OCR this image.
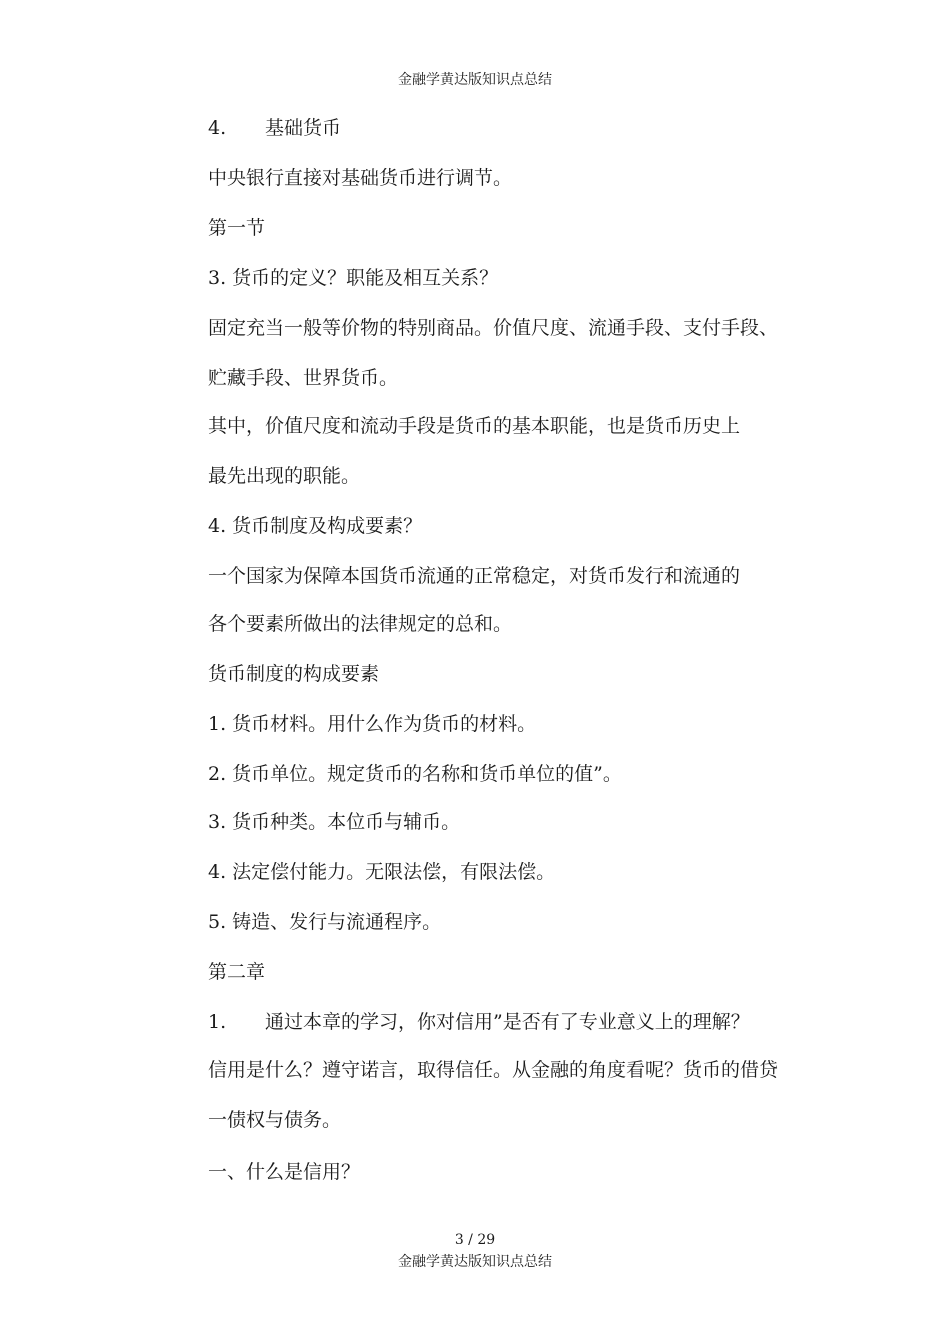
金融学黄达版知识点总结

4. 基础货币

中央银行直接对基础货币进行调节。

第一节

3. 货币的定义？职能及相互关系？

固定充当一般等价物的特别商品。价值尺度、流通手段、支付手段、

贮藏手段、世界货币。

其中，价值尺度和流动手段是货币的基本职能，也是货币历史上

最先出现的职能。

4. 货币制度及构成要素？

一个国家为保障本国货币流通的正常稳定，对货币发行和流通的

各个要素所做出的法律规定的总和。

货币制度的构成要素

1. 货币材料。用什么作为货币的材料。

2. 货币单位。规定货币的名称和货币单位的值”。

3. 货币种类。本位币与辅币。

4. 法定偿付能力。无限法偿，有限法偿。

5. 铸造、发行与流通程序。

第二章

1. 通过本章的学习，你对信用”是否有了专业意义上的理解？

信用是什么？遵守诺言，取得信任。从金融的角度看呢？货币的借贷

一债权与债务。

一、什么是信用？

3 / 29
金融学黄达版知识点总结
